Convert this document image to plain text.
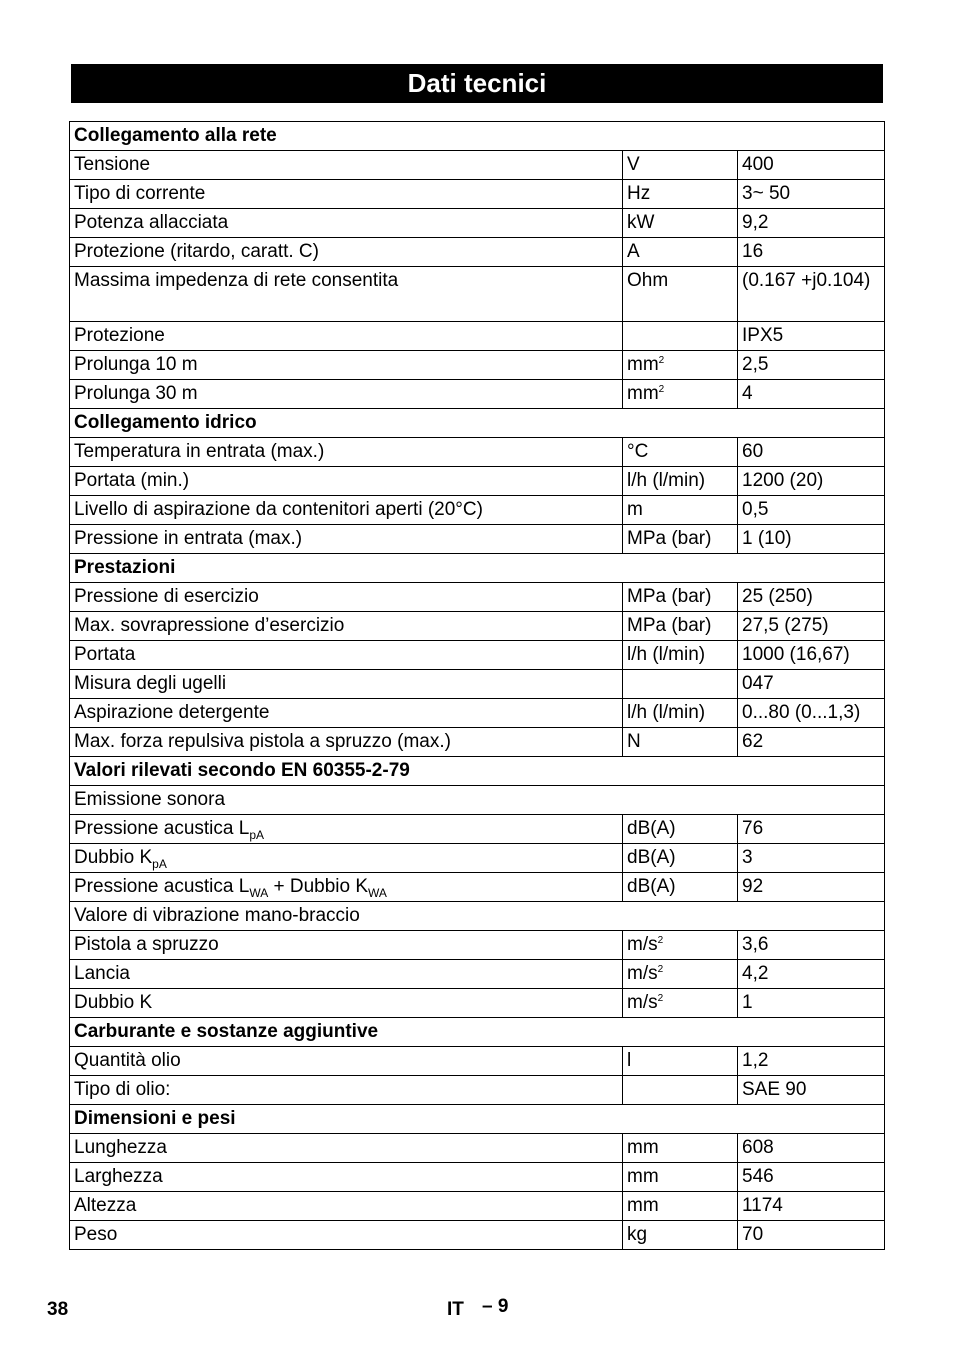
Dati tecnici
Collegamento alla rete		
Tensione	V	400
Tipo di corrente	Hz	3~ 50
Potenza allacciata	kW	9,2
Protezione (ritardo, caratt. C)	A	16
Massima impedenza di rete consentita	Ohm	(0.167 +j0.104)
Protezione		IPX5
Prolunga 10 m	$mm^2$	2,5
Prolunga 30 m	$mm^2$	4
Collegamento idrico		
Temperatura in entrata (max.)	°C	60
Portata (min.)	l/h (l/min)	1200 (20)
Livello di aspirazione da contenitori aperti (20°C)	m	0,5
Pressione in entrata (max.)	MPa (bar)	1 (10)
Prestazioni		
Pressione di esercizio	MPa (bar)	25 (250)
Max. sovrapressione d’esercizio	MPa (bar)	27,5 (275)
Portata	l/h (l/min)	1000 (16,67)
Misura degli ugelli		047
Aspirazione detergente	l/h (l/min)	0...80 (0...1,3)
Max. forza repulsiva pistola a spruzzo (max.)	N	62
Valori rilevati secondo EN 60355-2-79		
Emissione sonora		
Pressione acustica $L_{pA}$	dB(A)	76
Dubbio $K_{pA}$	dB(A)	3
Pressione acustica $L_{WA}$ + Dubbio $K_{WA}$	dB(A)	92
Valore di vibrazione mano-braccio		
Pistola a spruzzo	$m/s^2$	3,6
Lancia	$m/s^2$	4,2
Dubbio K	$m/s^2$	1
Carburante e sostanze aggiuntive		
Quantità olio	l	1,2
Tipo di olio:		SAE 90
Dimensioni e pesi		
Lunghezza	mm	608
Larghezza	mm	546
Altezza	mm	1174
Peso	kg	70
38	IT – 9
